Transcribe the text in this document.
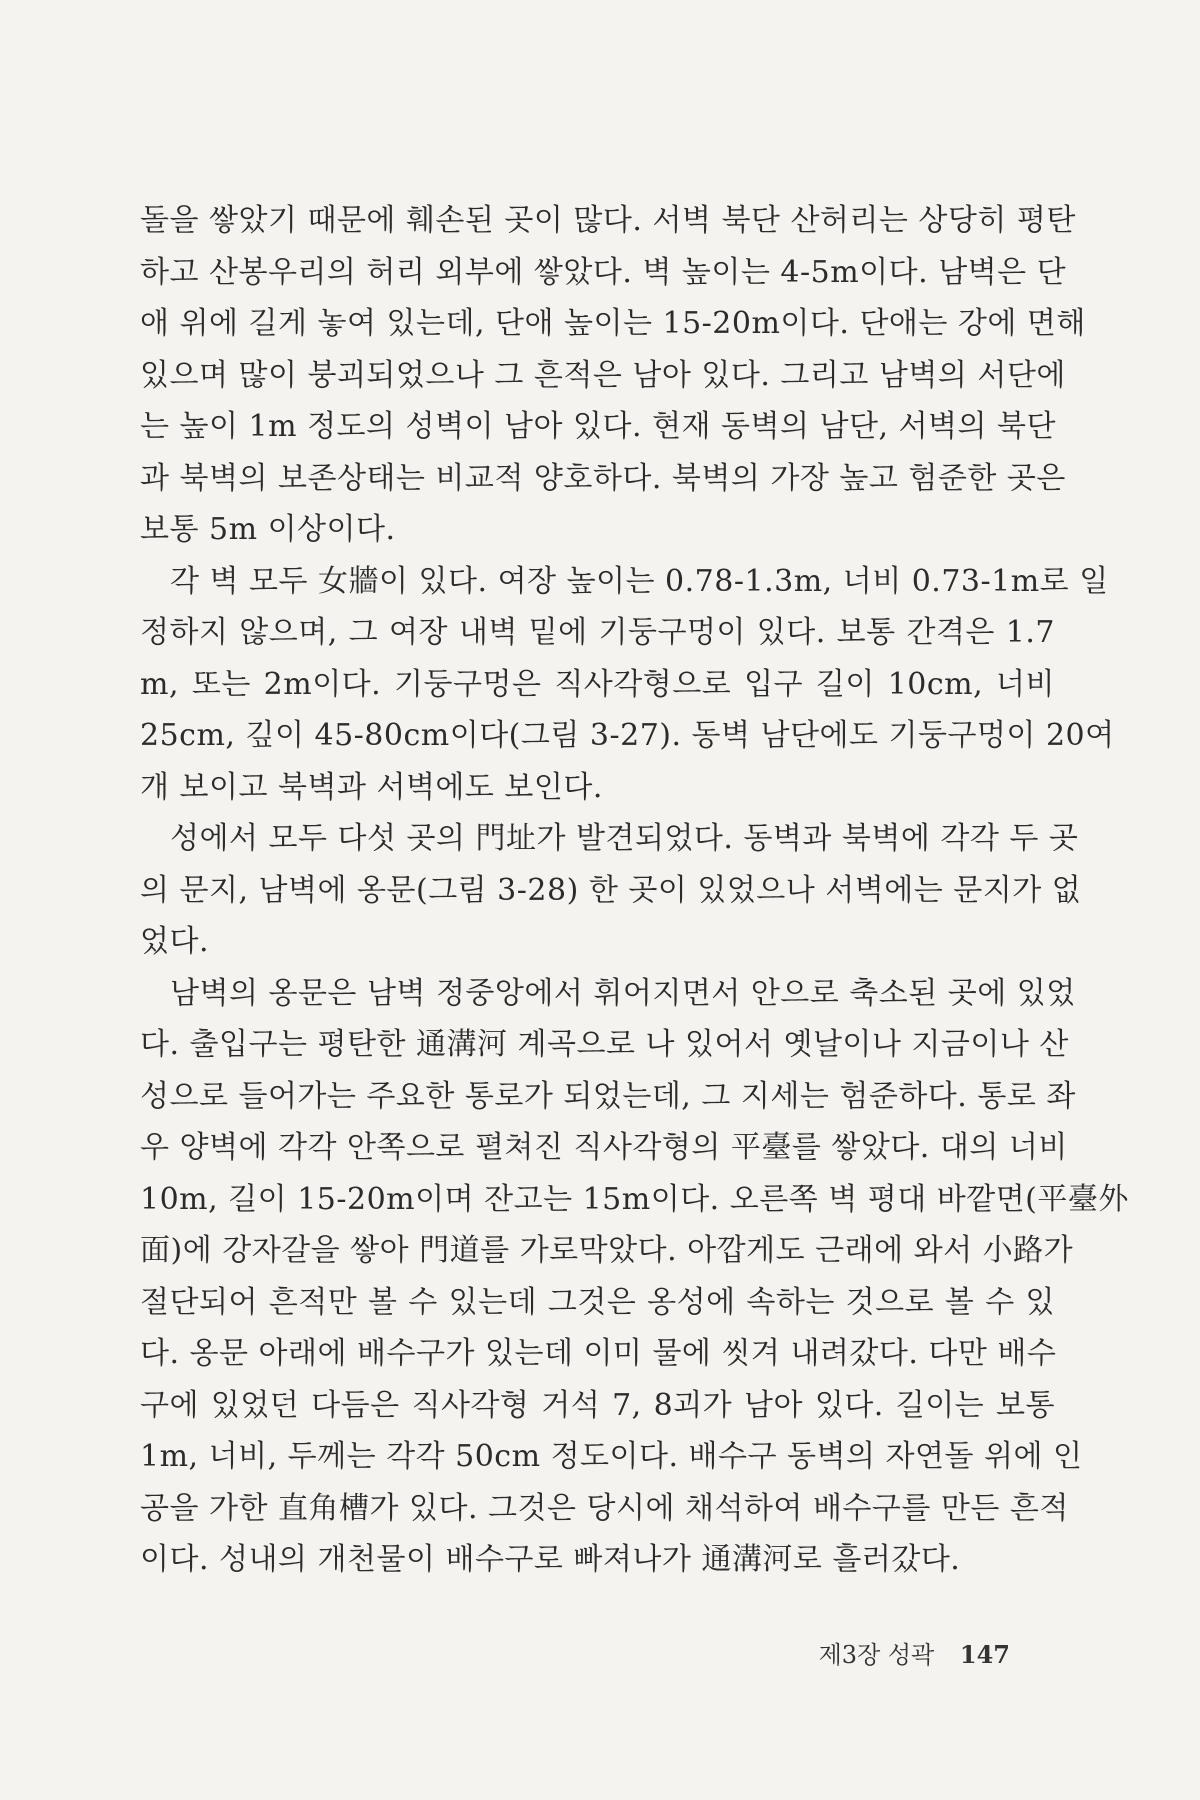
돌을 쌓았기 때문에 훼손된 곳이 많다. 서벽 북단 산허리는 상당히 평탄
하고 산봉우리의 허리 외부에 쌓았다. 벽 높이는 4-5m이다. 남벽은 단
애 위에 길게 놓여 있는데, 단애 높이는 15-20m이다. 단애는 강에 면해
있으며 많이 붕괴되었으나 그 흔적은 남아 있다. 그리고 남벽의 서단에
는 높이 1m 정도의 성벽이 남아 있다. 현재 동벽의 남단, 서벽의 북단
과 북벽의 보존상태는 비교적 양호하다. 북벽의 가장 높고 험준한 곳은
보통 5m 이상이다.
각 벽 모두 女牆이 있다. 여장 높이는 0.78-1.3m, 너비 0.73-1m로 일
정하지 않으며, 그 여장 내벽 밑에 기둥구멍이 있다. 보통 간격은 1.7
m, 또는 2m이다. 기둥구멍은 직사각형으로 입구 길이 10cm, 너비
25cm, 깊이 45-80cm이다(그림 3-27). 동벽 남단에도 기둥구멍이 20여
개 보이고 북벽과 서벽에도 보인다.
성에서 모두 다섯 곳의 門址가 발견되었다. 동벽과 북벽에 각각 두 곳
의 문지, 남벽에 옹문(그림 3-28) 한 곳이 있었으나 서벽에는 문지가 없
었다.
남벽의 옹문은 남벽 정중앙에서 휘어지면서 안으로 축소된 곳에 있었
다. 출입구는 평탄한 通溝河 계곡으로 나 있어서 옛날이나 지금이나 산
성으로 들어가는 주요한 통로가 되었는데, 그 지세는 험준하다. 통로 좌
우 양벽에 각각 안쪽으로 펼쳐진 직사각형의 平臺를 쌓았다. 대의 너비
10m, 길이 15-20m이며 잔고는 15m이다. 오른쪽 벽 평대 바깥면(平臺外
面)에 강자갈을 쌓아 門道를 가로막았다. 아깝게도 근래에 와서 小路가
절단되어 흔적만 볼 수 있는데 그것은 옹성에 속하는 것으로 볼 수 있
다. 옹문 아래에 배수구가 있는데 이미 물에 씻겨 내려갔다. 다만 배수
구에 있었던 다듬은 직사각형 거석 7, 8괴가 남아 있다. 길이는 보통
1m, 너비, 두께는 각각 50cm 정도이다. 배수구 동벽의 자연돌 위에 인
공을 가한 直角槽가 있다. 그것은 당시에 채석하여 배수구를 만든 흔적
이다. 성내의 개천물이 배수구로 빠져나가 通溝河로 흘러갔다.
제3장 성곽 147
